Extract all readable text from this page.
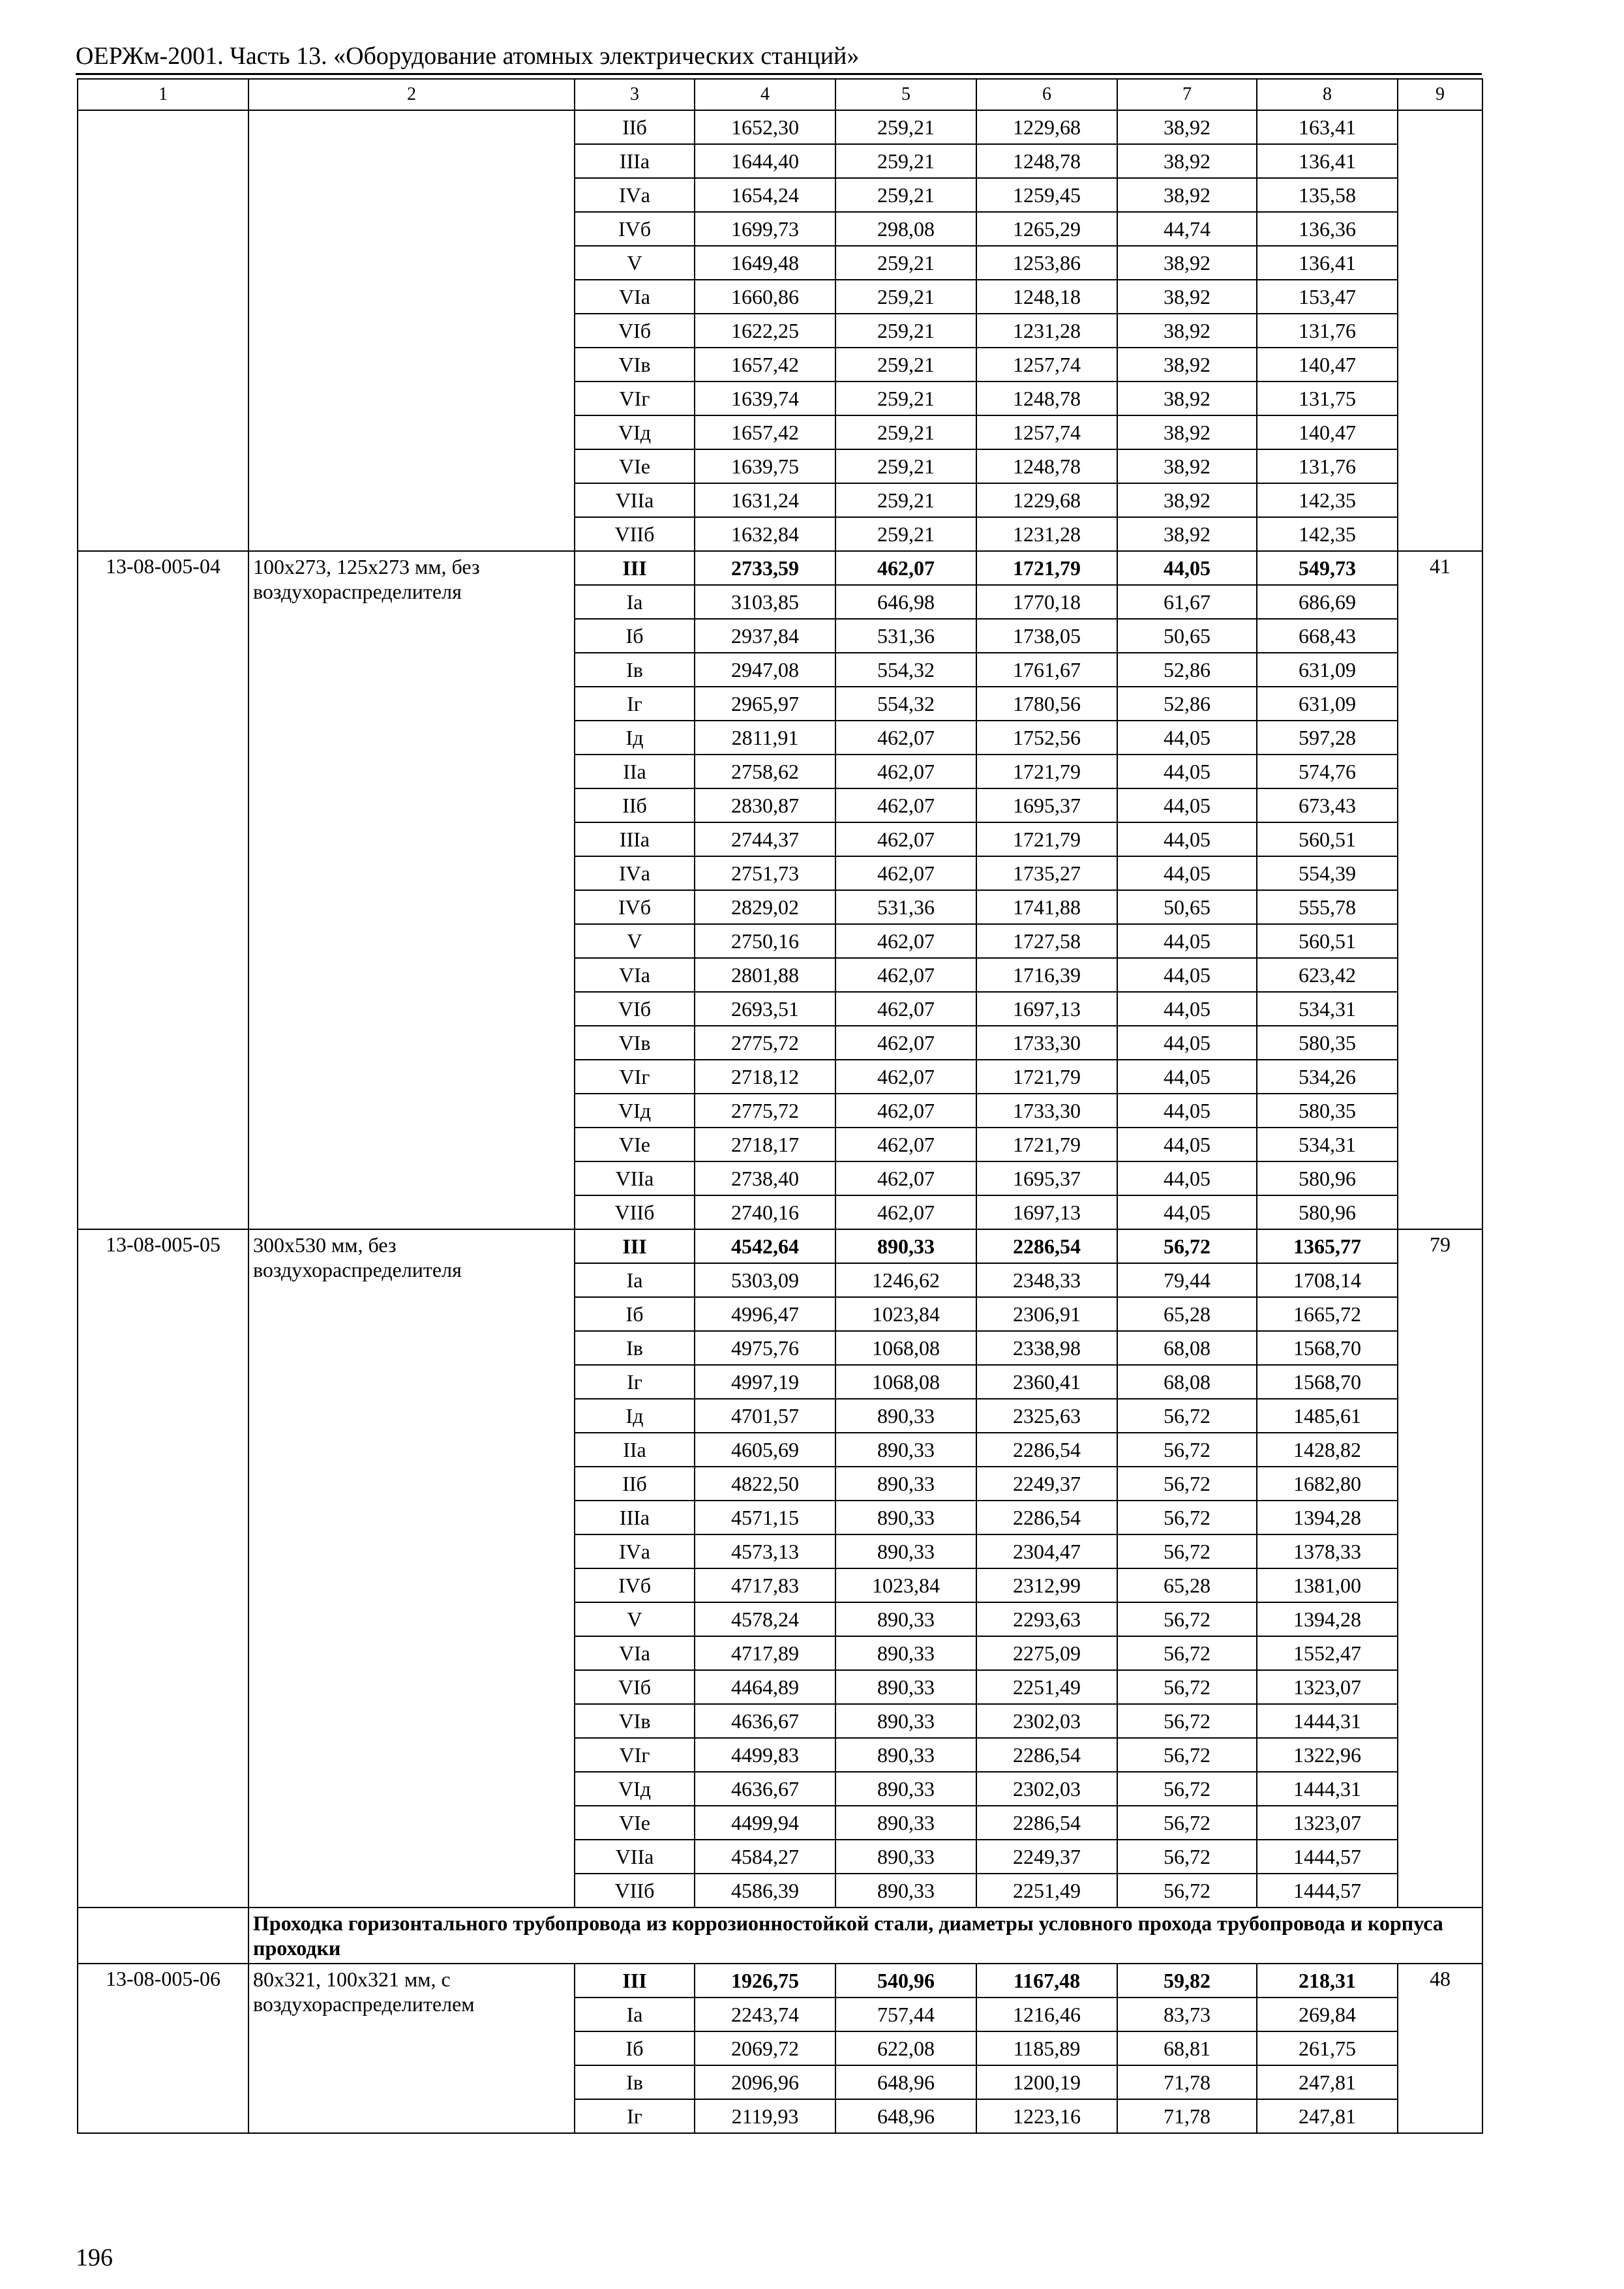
ОЕРЖм-2001. Часть 13. «Оборудование атомных электрических станций»
1	2	3	4	5	6	7	8	9
		IIб	1652,30	259,21	1229,68	38,92	163,41	
		IIIа	1644,40	259,21	1248,78	38,92	136,41	
		IVа	1654,24	259,21	1259,45	38,92	135,58	
		IVб	1699,73	298,08	1265,29	44,74	136,36	
		V	1649,48	259,21	1253,86	38,92	136,41	
		VIа	1660,86	259,21	1248,18	38,92	153,47	
		VIб	1622,25	259,21	1231,28	38,92	131,76	
		VIв	1657,42	259,21	1257,74	38,92	140,47	
		VIг	1639,74	259,21	1248,78	38,92	131,75	
		VIд	1657,42	259,21	1257,74	38,92	140,47	
		VIе	1639,75	259,21	1248,78	38,92	131,76	
		VIIа	1631,24	259,21	1229,68	38,92	142,35	
		VIIб	1632,84	259,21	1231,28	38,92	142,35	
13-08-005-04	100х273, 125х273 мм, без воздухораспределителя	III	2733,59	462,07	1721,79	44,05	549,73	41
		Iа	3103,85	646,98	1770,18	61,67	686,69	
		Iб	2937,84	531,36	1738,05	50,65	668,43	
		Iв	2947,08	554,32	1761,67	52,86	631,09	
		Iг	2965,97	554,32	1780,56	52,86	631,09	
		Iд	2811,91	462,07	1752,56	44,05	597,28	
		IIа	2758,62	462,07	1721,79	44,05	574,76	
		IIб	2830,87	462,07	1695,37	44,05	673,43	
		IIIа	2744,37	462,07	1721,79	44,05	560,51	
		IVа	2751,73	462,07	1735,27	44,05	554,39	
		IVб	2829,02	531,36	1741,88	50,65	555,78	
		V	2750,16	462,07	1727,58	44,05	560,51	
		VIа	2801,88	462,07	1716,39	44,05	623,42	
		VIб	2693,51	462,07	1697,13	44,05	534,31	
		VIв	2775,72	462,07	1733,30	44,05	580,35	
		VIг	2718,12	462,07	1721,79	44,05	534,26	
		VIд	2775,72	462,07	1733,30	44,05	580,35	
		VIе	2718,17	462,07	1721,79	44,05	534,31	
		VIIа	2738,40	462,07	1695,37	44,05	580,96	
		VIIб	2740,16	462,07	1697,13	44,05	580,96	
13-08-005-05	300х530 мм, без воздухораспределителя	III	4542,64	890,33	2286,54	56,72	1365,77	79
		Iа	5303,09	1246,62	2348,33	79,44	1708,14	
		Iб	4996,47	1023,84	2306,91	65,28	1665,72	
		Iв	4975,76	1068,08	2338,98	68,08	1568,70	
		Iг	4997,19	1068,08	2360,41	68,08	1568,70	
		Iд	4701,57	890,33	2325,63	56,72	1485,61	
		IIа	4605,69	890,33	2286,54	56,72	1428,82	
		IIб	4822,50	890,33	2249,37	56,72	1682,80	
		IIIа	4571,15	890,33	2286,54	56,72	1394,28	
		IVа	4573,13	890,33	2304,47	56,72	1378,33	
		IVб	4717,83	1023,84	2312,99	65,28	1381,00	
		V	4578,24	890,33	2293,63	56,72	1394,28	
		VIа	4717,89	890,33	2275,09	56,72	1552,47	
		VIб	4464,89	890,33	2251,49	56,72	1323,07	
		VIв	4636,67	890,33	2302,03	56,72	1444,31	
		VIг	4499,83	890,33	2286,54	56,72	1322,96	
		VIд	4636,67	890,33	2302,03	56,72	1444,31	
		VIе	4499,94	890,33	2286,54	56,72	1323,07	
		VIIа	4584,27	890,33	2249,37	56,72	1444,57	
		VIIб	4586,39	890,33	2251,49	56,72	1444,57	
	Проходка горизонтального трубопровода из коррозионностойкой стали, диаметры условного прохода трубопровода и корпуса проходки							
13-08-005-06	80х321, 100х321 мм, с воздухораспределителем	III	1926,75	540,96	1167,48	59,82	218,31	48
		Iа	2243,74	757,44	1216,46	83,73	269,84	
		Iб	2069,72	622,08	1185,89	68,81	261,75	
		Iв	2096,96	648,96	1200,19	71,78	247,81	
		Iг	2119,93	648,96	1223,16	71,78	247,81	
196
